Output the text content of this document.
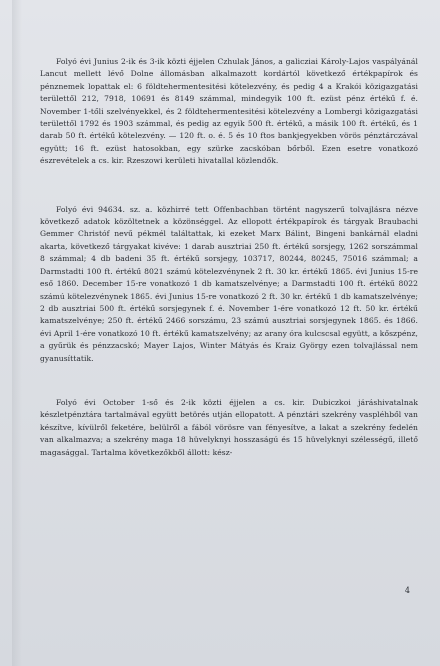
Folyó évi Junius 2-ik és 3-ik közti éjjelen Czhulak János, a galicziai Károly-Lajos vaspályánál Lancut mellett lévő Dolne állomásban alkalmazott kordártól következő értékpapírok és pénznemek lopattak el: 6 földtehermentesitési kötelezvény, és pedig 4 a Krakói közigazgatási területtől 212, 7918, 10691 és 8149 számmal, mindegyik 100 ft. ezüst pénz értékű f. é. November 1-tőli szelvényekkel, és 2 földtehermentesitési kötelezvény a Lombergi közigazgatási területtől 1792 és 1903 számmal, és pedig az egyik 500 ft. értékű, a másik 100 ft. értékű, és 1 darab 50 ft. értékű kötelezvény. — 120 ft. o. é. 5 és 10 ftos bankjegyekben vörös pénztárczával együtt; 16 ft. ezüst hatosokban, egy szürke zacskóban bőrből. Ezen esetre vonatkozó észrevételek a cs. kir. Rzeszowi kerületi hivatallal közlendők.

Folyó évi 94634. sz. a. közhirré tett Offenbachban történt nagyszerű tolvajlásra nézve következő adatok közöltetnek a közönséggel. Az ellopott értékpapírok és tárgyak Braubachi Gemmer Christóf nevű pékmél találtattak, ki ezeket Marx Bálint, Bingeni bankárnál eladni akarta, következő tárgyakat kivéve: 1 darab ausztriai 250 ft. értékű sorsjegy, 1262 sorszámmal 8 számmal; 4 db badeni 35 ft. értékű sorsjegy, 103717, 80244, 80245, 75016 számmal; a Darmstadti 100 ft. értékű 8021 számú kötelezvénynek 2 ft. 30 kr. értékű 1865. évi Junius 15-re eső 1860. December 15-re vonatkozó 1 db kamatszelvénye; a Darmstadti 100 ft. értékű 8022 számú kötelezvénynek 1865. évi Junius 15-re vonatkozó 2 ft. 30 kr. értékű 1 db kamatszelvénye; 2 db ausztriai 500 ft. értékű sorsjegynek f. é. November 1-ére vonatkozó 12 ft. 50 kr. értékű kamatszelvénye; 250 ft. értékű 2466 sorszámu, 23 számú ausztriai sorsjegynek 1865. és 1866. évi April 1-ére vonatkozó 10 ft. értékű kamatszelvény; az arany óra kulcscsal együtt, a kőszpénz, a gyűrük és pénzzacskó; Mayer Lajos, Winter Mátyás és Kraiz György ezen tolvajlással nem gyanusíttatik.

Folyó évi October 1-ső és 2-ik közti éjjelen a cs. kir. Dubiczkoi járáshivatalnak készletpénztára tartalmával együtt betörés utján ellopatott. A pénztári szekrény vaspléhből van készítve, kívülről feketére, belülről a fából vörösre van fényesítve, a lakat a szekrény fedelén van alkalmazva; a szekrény maga 18 hüvelyknyi hosszaságú és 15 hüvelyknyi szélességű, illető magasággal. Tartalma következőkből állott: kész-

4
